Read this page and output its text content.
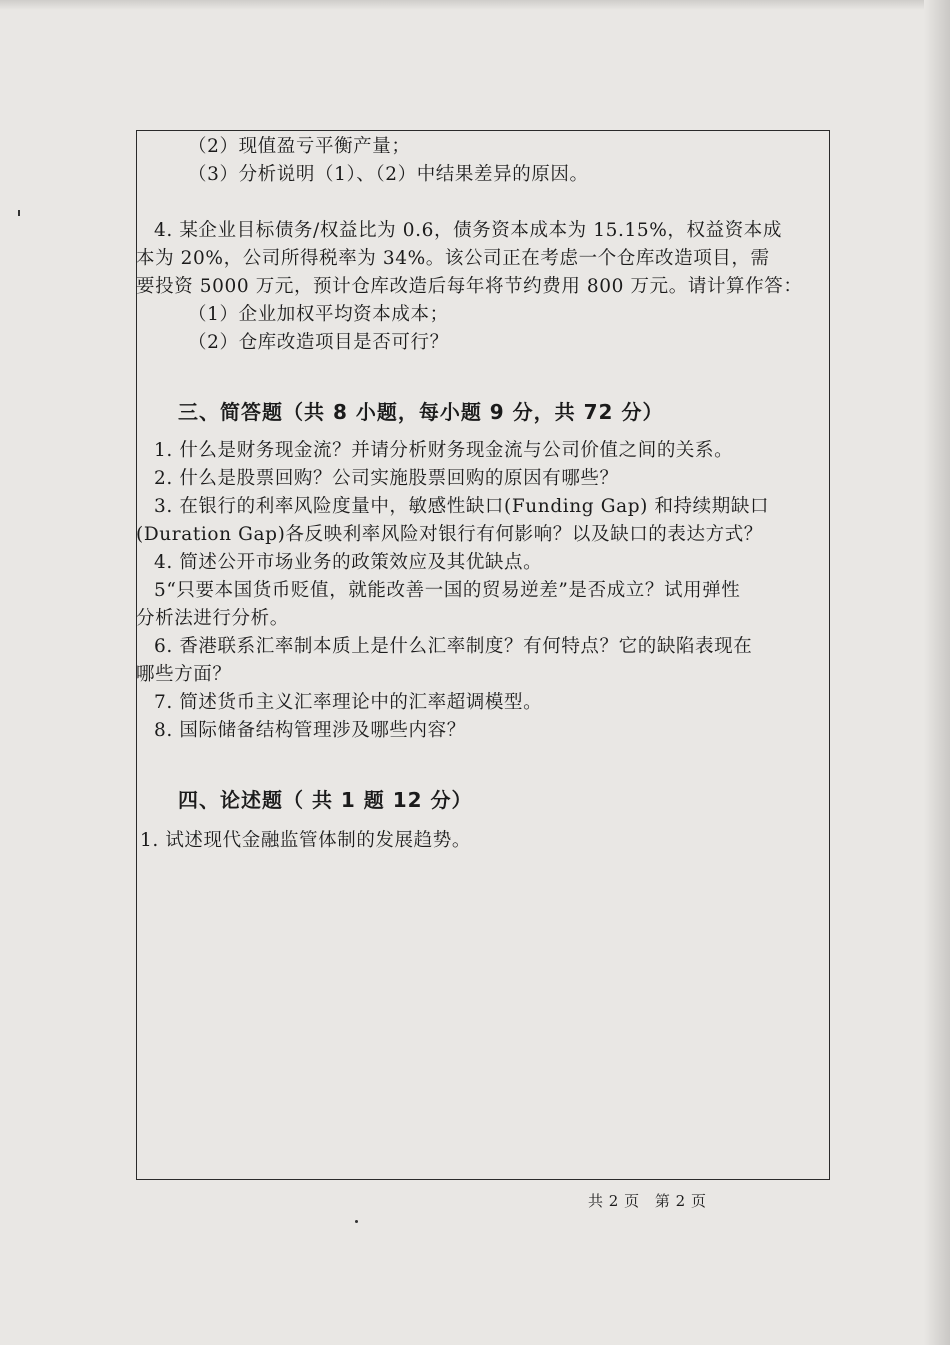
（2）现值盈亏平衡产量；
（3）分析说明（1）、（2）中结果差异的原因。
4. 某企业目标债务/权益比为 0.6，债务资本成本为 15.15%，权益资本成
本为 20%，公司所得税率为 34%。该公司正在考虑一个仓库改造项目，需
要投资 5000 万元，预计仓库改造后每年将节约费用 800 万元。请计算作答：
（1）企业加权平均资本成本；
（2）仓库改造项目是否可行？
三、简答题（共 8 小题，每小题 9 分，共 72 分）
1. 什么是财务现金流？并请分析财务现金流与公司价值之间的关系。
2. 什么是股票回购？公司实施股票回购的原因有哪些？
3. 在银行的利率风险度量中，敏感性缺口(Funding Gap) 和持续期缺口
(Duration Gap)各反映利率风险对银行有何影响？以及缺口的表达方式？
4. 简述公开市场业务的政策效应及其优缺点。
5“只要本国货币贬值，就能改善一国的贸易逆差”是否成立？试用弹性
分析法进行分析。
6. 香港联系汇率制本质上是什么汇率制度？有何特点？它的缺陷表现在
哪些方面？
7. 简述货币主义汇率理论中的汇率超调模型。
8. 国际储备结构管理涉及哪些内容？
四、论述题（ 共 1 题 12 分）
1. 试述现代金融监管体制的发展趋势。
共 2 页 第 2 页
